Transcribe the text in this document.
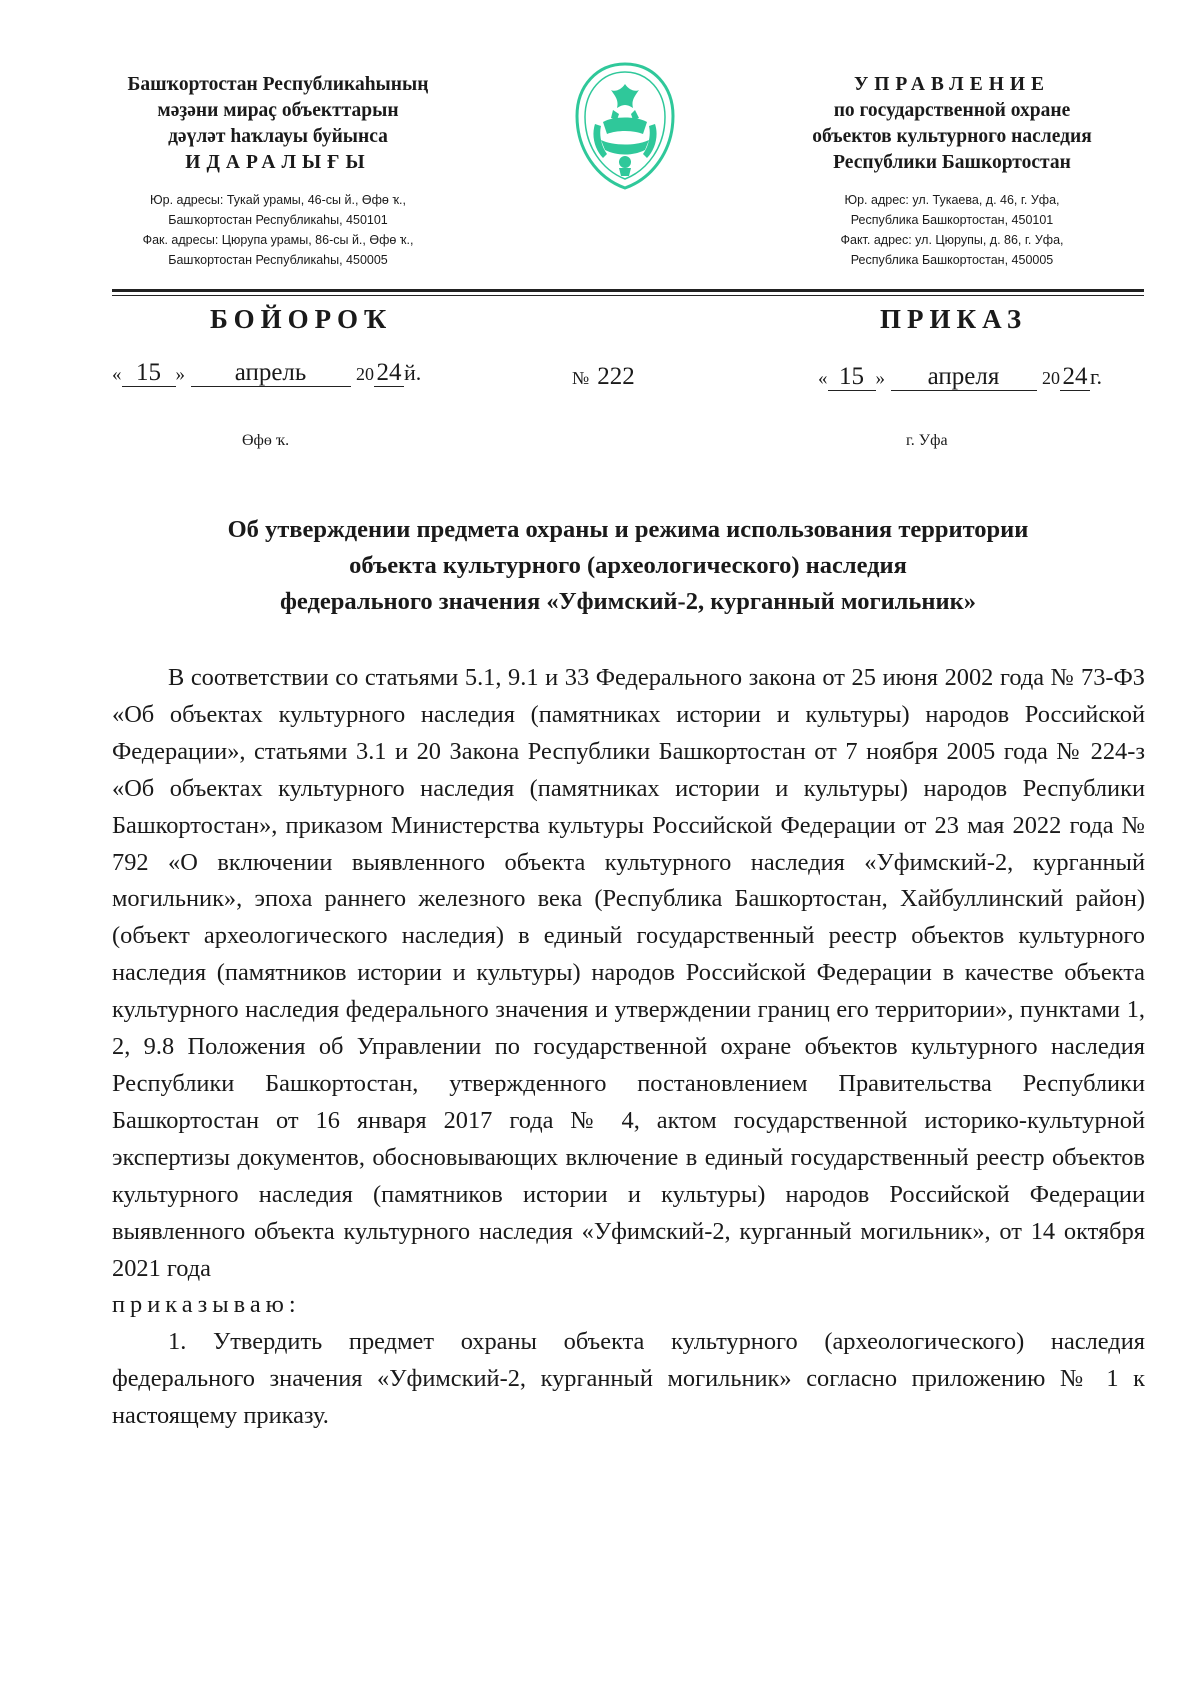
Башҡортостан Республикаһының
мәҙәни мираҫ объекттарын
дәүләт һаҡлауы буйынса
ИДАРАЛЫҒЫ
Юр. адресы: Тукай урамы, 46-сы й., Өфө ҡ.,
Башҡортостан Республикаһы, 450101
Фак. адресы: Цюрупа урамы, 86-сы й., Өфө ҡ.,
Башҡортостан Республикаһы, 450005
УПРАВЛЕНИЕ
по государственной охране
объектов культурного наследия
Республики Башкортостан
Юр. адрес: ул. Тукаева, д. 46, г. Уфа,
Республика Башкортостан, 450101
Факт. адрес: ул. Цюрупы, д. 86, г. Уфа,
Республика Башкортостан, 450005
БОЙОРОҠ	ПРИКАЗ
« 15 » апрель	20 24 й.	№ 222	« 15 » апреля 20 24 г.
Өфө ҡ.	г. Уфа
Об утверждении предмета охраны и режима использования территории
объекта культурного (археологического) наследия
федерального значения «Уфимский-2, курганный могильник»

В соответствии со статьями 5.1, 9.1 и 33 Федерального закона от 25 июня 2002 года № 73-ФЗ «Об объектах культурного наследия (памятниках истории и культуры) народов Российской Федерации», статьями 3.1 и 20 Закона Республики Башкортостан от 7 ноября 2005 года № 224-з «Об объектах культурного наследия (памятниках истории и культуры) народов Республики Башкортостан», приказом Министерства культуры Российской Федерации от 23 мая 2022 года № 792 «О включении выявленного объекта культурного наследия «Уфимский-2, курганный могильник», эпоха раннего железного века (Республика Башкортостан, Хайбуллинский район) (объект археологического наследия) в единый государственный реестр объектов культурного наследия (памятников истории и культуры) народов Российской Федерации в качестве объекта культурного наследия федерального значения и утверждении границ его территории», пунктами 1, 2, 9.8 Положения об Управлении по государственной охране объектов культурного наследия Республики Башкортостан, утвержденного постановлением Правительства Республики Башкортостан от 16 января 2017 года № 4, актом государственной историко-культурной экспертизы документов, обосновывающих включение в единый государственный реестр объектов культурного наследия (памятников истории и культуры) народов Российской Федерации выявленного объекта культурного наследия «Уфимский-2, курганный могильник», от 14 октября 2021 года

приказываю:

1. Утвердить предмет охраны объекта культурного (археологического) наследия федерального значения «Уфимский-2, курганный могильник» согласно приложению № 1 к настоящему приказу.
